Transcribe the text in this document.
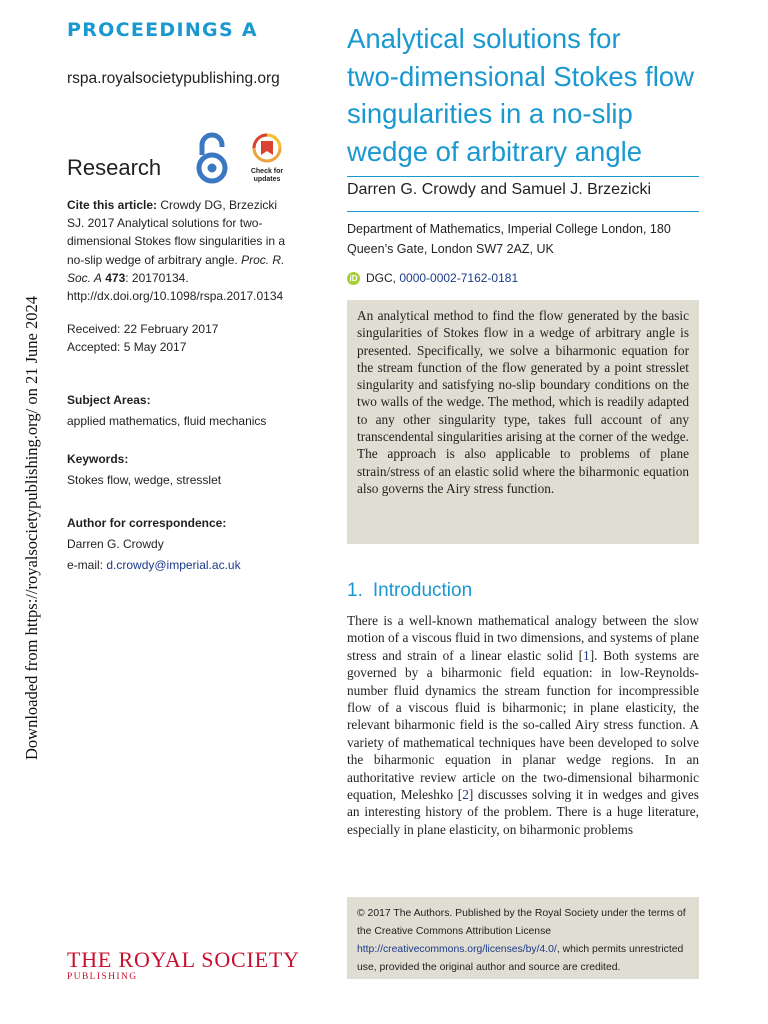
Downloaded from https://royalsocietypublishing.org/ on 21 June 2024
PROCEEDINGS A
rspa.royalsocietypublishing.org
Research	Check for
updates
Cite this article: Crowdy DG, Brzezicki SJ. 2017 Analytical solutions for two-dimensional Stokes flow singularities in a no-slip wedge of arbitrary angle. Proc. R. Soc. A 473: 20170134.
http://dx.doi.org/10.1098/rspa.2017.0134
Received: 22 February 2017
Accepted: 5 May 2017
Subject Areas:
applied mathematics, fluid mechanics
Keywords:
Stokes flow, wedge, stresslet
Author for correspondence:
Darren G. Crowdy
e-mail: d.crowdy@imperial.ac.uk
THE ROYAL SOCIETY
PUBLISHING
Analytical solutions for
two-dimensional Stokes flow
singularities in a no-slip
wedge of arbitrary angle
Darren G. Crowdy and Samuel J. Brzezicki
Department of Mathematics, Imperial College London, 180 Queen’s Gate, London SW7 2AZ, UK
iD DGC, 0000-0002-7162-0181

An analytical method to find the flow generated by the basic singularities of Stokes flow in a wedge of arbitrary angle is presented. Specifically, we solve a biharmonic equation for the stream function of the flow generated by a point stresslet singularity and satisfying no-slip boundary conditions on the two walls of the wedge. The method, which is readily adapted to any other singularity type, takes full account of any transcendental singularities arising at the corner of the wedge. The approach is also applicable to problems of plane strain/stress of an elastic solid where the biharmonic equation also governs the Airy stress function.

1. Introduction

There is a well-known mathematical analogy between the slow motion of a viscous fluid in two dimensions, and systems of plane stress and strain of a linear elastic solid [1]. Both systems are governed by a biharmonic field equation: in low-Reynolds-number fluid dynamics the stream function for incompressible flow of a viscous fluid is biharmonic; in plane elasticity, the relevant biharmonic field is the so-called Airy stress function. A variety of mathematical techniques have been developed to solve the biharmonic equation in planar wedge regions. In an authoritative review article on the two-dimensional biharmonic equation, Meleshko [2] discusses solving it in wedges and gives an interesting history of the problem. There is a huge literature, especially in plane elasticity, on biharmonic problems

© 2017 The Authors. Published by the Royal Society under the terms of the Creative Commons Attribution License http://creativecommons.org/licenses/by/4.0/, which permits unrestricted use, provided the original author and source are credited.
